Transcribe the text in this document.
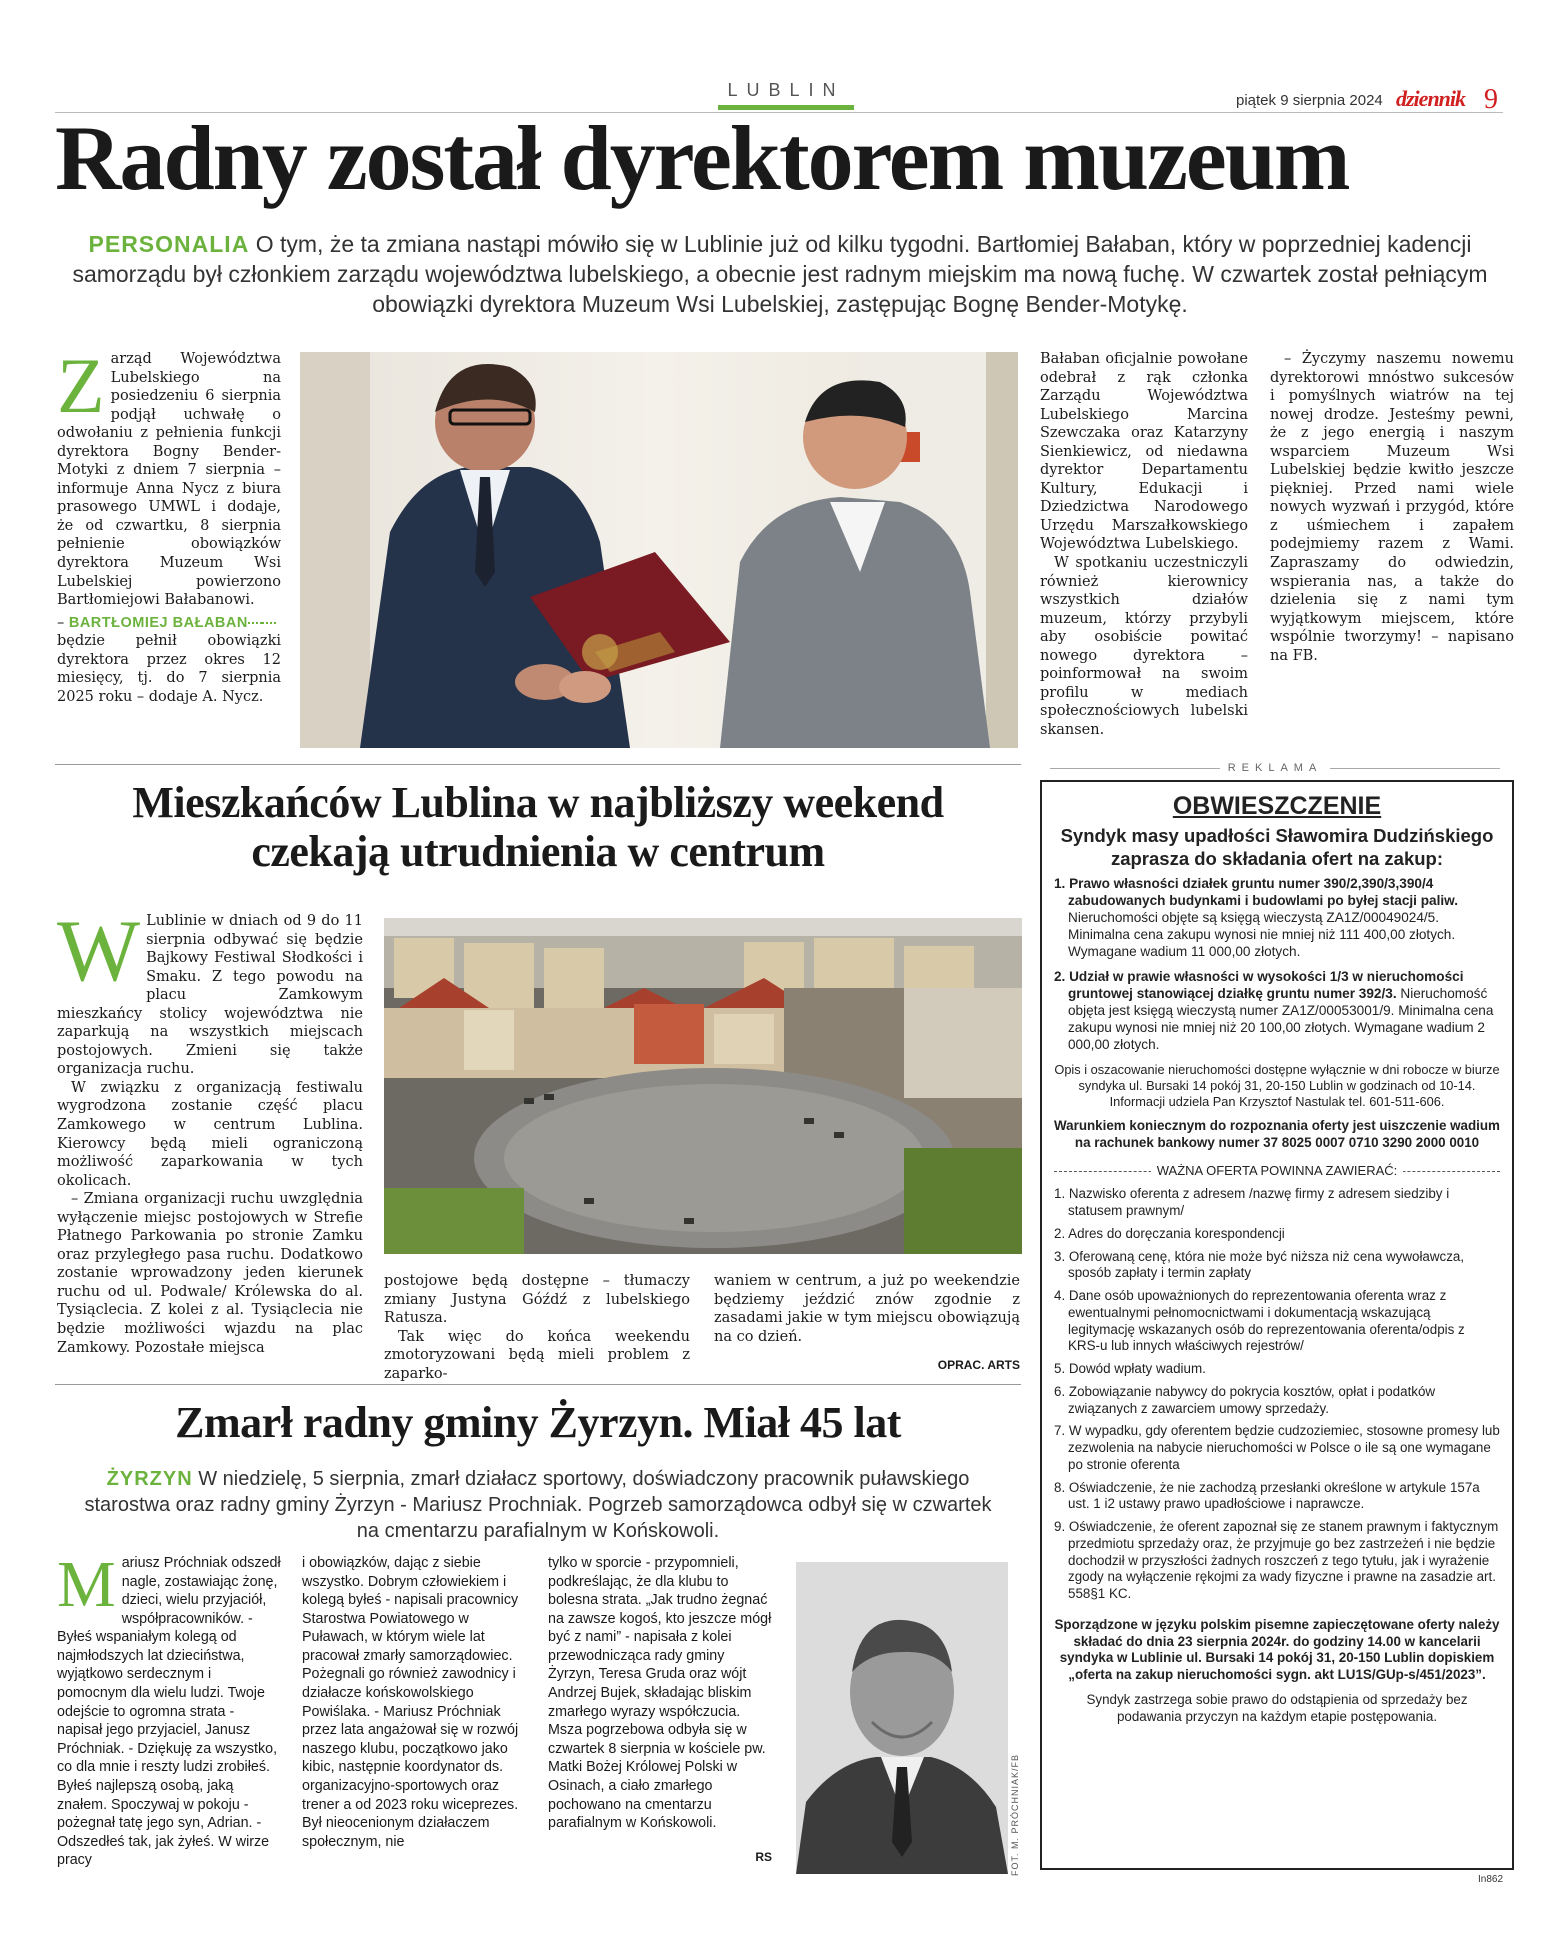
LUBLIN
piątek 9 sierpnia 2024 dziennik 9
Radny został dyrektorem muzeum
PERSONALIA O tym, że ta zmiana nastąpi mówiło się w Lublinie już od kilku tygodni. Bartłomiej Bałaban, który w poprzedniej kadencji samorządu był członkiem zarządu województwa lubelskiego, a obecnie jest radnym miejskim ma nową fuchę. W czwartek został pełniącym obowiązki dyrektora Muzeum Wsi Lubelskiej, zastępując Bognę Bender-Motykę.

Zarząd Województwa Lubelskiego na posiedzeniu 6 sierpnia podjął uchwałę o odwołaniu z pełnienia funkcji dyrektora Bogny Bender-Motyki z dniem 7 sierpnia – informuje Anna Nycz z biura prasowego UMWL i dodaje, że od czwartku, 8 sierpnia pełnienie obowiązków dyrektora Muzeum Wsi Lubelskiej powierzono Bartłomiejowi Bałabanowi.

– BARTŁOMIEJ BAŁABAN

będzie pełnił obowiązki dyrektora przez okres 12 miesięcy, tj. do 7 sierpnia 2025 roku – dodaje A. Nycz.

Bałaban oficjalnie powołane odebrał z rąk członka Zarządu Województwa Lubelskiego Marcina Szewczaka oraz Katarzyny Sienkiewicz, od niedawna dyrektor Departamentu Kultury, Edukacji i Dziedzictwa Narodowego Urzędu Marszałkowskiego Województwa Lubelskiego.

W spotkaniu uczestniczyli również kierownicy wszystkich działów muzeum, którzy przybyli aby osobiście powitać nowego dyrektora – poinformował na swoim profilu w mediach społecznościowych lubelski skansen.

– Życzymy naszemu nowemu dyrektorowi mnóstwo sukcesów i pomyślnych wiatrów na tej nowej drodze. Jesteśmy pewni, że z jego energią i naszym wsparciem Muzeum Wsi Lubelskiej będzie kwitło jeszcze piękniej. Przed nami wiele nowych wyzwań i przygód, które z uśmiechem i zapałem podejmiemy razem z Wami. Zapraszamy do odwiedzin, wspierania nas, a także do dzielenia się z nami tym wyjątkowym miejscem, które wspólnie tworzymy! – napisano na FB.

Mieszkańców Lublina w najbliższy weekend
czekają utrudnienia w centrum

W Lublinie w dniach od 9 do 11 sierpnia odbywać się będzie Bajkowy Festiwal Słodkości i Smaku. Z tego powodu na placu Zamkowym mieszkańcy stolicy województwa nie zaparkują na wszystkich miejscach postojowych. Zmieni się także organizacja ruchu.

W związku z organizacją festiwalu wygrodzona zostanie część placu Zamkowego w centrum Lublina. Kierowcy będą mieli ograniczoną możliwość zaparkowania w tych okolicach.

– Zmiana organizacji ruchu uwzględnia wyłączenie miejsc postojowych w Strefie Płatnego Parkowania po stronie Zamku oraz przyległego pasa ruchu. Dodatkowo zostanie wprowadzony jeden kierunek ruchu od ul. Podwale/ Królewska do al. Tysiąclecia. Z kolei z al. Tysiąclecia nie będzie możliwości wjazdu na plac Zamkowy. Pozostałe miejsca

postojowe będą dostępne – tłumaczy zmiany Justyna Góźdź z lubelskiego Ratusza.

Tak więc do końca weekendu zmotoryzowani będą mieli problem z zaparko-

waniem w centrum, a już po weekendzie będziemy jeździć znów zgodnie z zasadami jakie w tym miejscu obowiązują na co dzień.

OPRAC. ARTS
Zmarł radny gminy Żyrzyn. Miał 45 lat
ŻYRZYN W niedzielę, 5 sierpnia, zmarł działacz sportowy, doświadczony pracownik puławskiego starostwa oraz radny gminy Żyrzyn - Mariusz Prochniak. Pogrzeb samorządowca odbył się w czwartek na cmentarzu parafialnym w Końskowoli.
Mariusz Próchniak odszedł nagle, zostawiając żonę, dzieci, wielu przyjaciół, współpracowników. - Byłeś wspaniałym kolegą od najmłodszych lat dzieciństwa, wyjątkowo serdecznym i pomocnym dla wielu ludzi. Twoje odejście to ogromna strata - napisał jego przyjaciel, Janusz Próchniak. - Dziękuję za wszystko, co dla mnie i reszty ludzi zrobiłeś. Byłeś najlepszą osobą, jaką znałem. Spoczywaj w pokoju - pożegnał tatę jego syn, Adrian. - Odszedłeś tak, jak żyłeś. W wirze pracy
i obowiązków, dając z siebie wszystko. Dobrym człowiekiem i kolegą byłeś - napisali pracownicy Starostwa Powiatowego w Puławach, w którym wiele lat pracował zmarły samorządowiec. Pożegnali go również zawodnicy i działacze końskowolskiego Powiślaka. - Mariusz Próchniak przez lata angażował się w rozwój naszego klubu, początkowo jako kibic, następnie koordynator ds. organizacyjno-sportowych oraz trener a od 2023 roku wiceprezes. Był nieocenionym działaczem społecznym, nie
tylko w sporcie - przypomnieli, podkreślając, że dla klubu to bolesna strata. „Jak trudno żegnać na zawsze kogoś, kto jeszcze mógł być z nami” - napisała z kolei przewodnicząca rady gminy Żyrzyn, Teresa Gruda oraz wójt Andrzej Bujek, składając bliskim zmarłego wyrazy współczucia. Msza pogrzebowa odbyła się w czwartek 8 sierpnia w kościele pw. Matki Bożej Królowej Polski w Osinach, a ciało zmarłego pochowano na cmentarzu parafialnym w Końskowoli.
RS	FOT. M. PRÓCHNIAK/FB
REKLAMA
OBWIESZCZENIE
Syndyk masy upadłości Sławomira Dudzińskiego zaprasza do składania ofert na zakup:
1. Prawo własności działek gruntu numer 390/2,390/3,390/4 zabudowanych budynkami i budowlami po byłej stacji paliw. Nieruchomości objęte są księgą wieczystą ZA1Z/00049024/5. Minimalna cena zakupu wynosi nie mniej niż 111 400,00 złotych. Wymagane wadium 11 000,00 złotych.
2. Udział w prawie własności w wysokości 1/3 w nieruchomości gruntowej stanowiącej działkę gruntu numer 392/3. Nieruchomość objęta jest księgą wieczystą numer ZA1Z/00053001/9. Minimalna cena zakupu wynosi nie mniej niż 20 100,00 złotych. Wymagane wadium 2 000,00 złotych.
Opis i oszacowanie nieruchomości dostępne wyłącznie w dni robocze w biurze syndyka ul. Bursaki 14 pokój 31, 20-150 Lublin w godzinach od 10-14. Informacji udziela Pan Krzysztof Nastulak tel. 601-511-606.
Warunkiem koniecznym do rozpoznania oferty jest uiszczenie wadium na rachunek bankowy numer 37 8025 0007 0710 3290 2000 0010
WAŻNA OFERTA POWINNA ZAWIERAĆ:
1. Nazwisko oferenta z adresem /nazwę firmy z adresem siedziby i statusem prawnym/
2. Adres do doręczania korespondencji
3. Oferowaną cenę, która nie może być niższa niż cena wywoławcza, sposób zapłaty i termin zapłaty
4. Dane osób upoważnionych do reprezentowania oferenta wraz z ewentualnymi pełnomocnictwami i dokumentacją wskazującą legitymację wskazanych osób do reprezentowania oferenta/odpis z KRS-u lub innych właściwych rejestrów/
5. Dowód wpłaty wadium.
6. Zobowiązanie nabywcy do pokrycia kosztów, opłat i podatków związanych z zawarciem umowy sprzedaży.
7. W wypadku, gdy oferentem będzie cudzoziemiec, stosowne promesy lub zezwolenia na nabycie nieruchomości w Polsce o ile są one wymagane po stronie oferenta
8. Oświadczenie, że nie zachodzą przesłanki określone w artykule 157a ust. 1 i2 ustawy prawo upadłościowe i naprawcze.
9. Oświadczenie, że oferent zapoznał się ze stanem prawnym i faktycznym przedmiotu sprzedaży oraz, że przyjmuje go bez zastrzeżeń i nie będzie dochodził w przyszłości żadnych roszczeń z tego tytułu, jak i wyrażenie zgody na wyłączenie rękojmi za wady fizyczne i prawne na zasadzie art. 558§1 KC.
Sporządzone w języku polskim pisemne zapieczętowane oferty należy składać do dnia 23 sierpnia 2024r. do godziny 14.00 w kancelarii syndyka w Lublinie ul. Bursaki 14 pokój 31, 20-150 Lublin dopiskiem „oferta na zakup nieruchomości sygn. akt LU1S/GUp-s/451/2023”.
Syndyk zastrzega sobie prawo do odstąpienia od sprzedaży bez podawania przyczyn na każdym etapie postępowania.
In862
